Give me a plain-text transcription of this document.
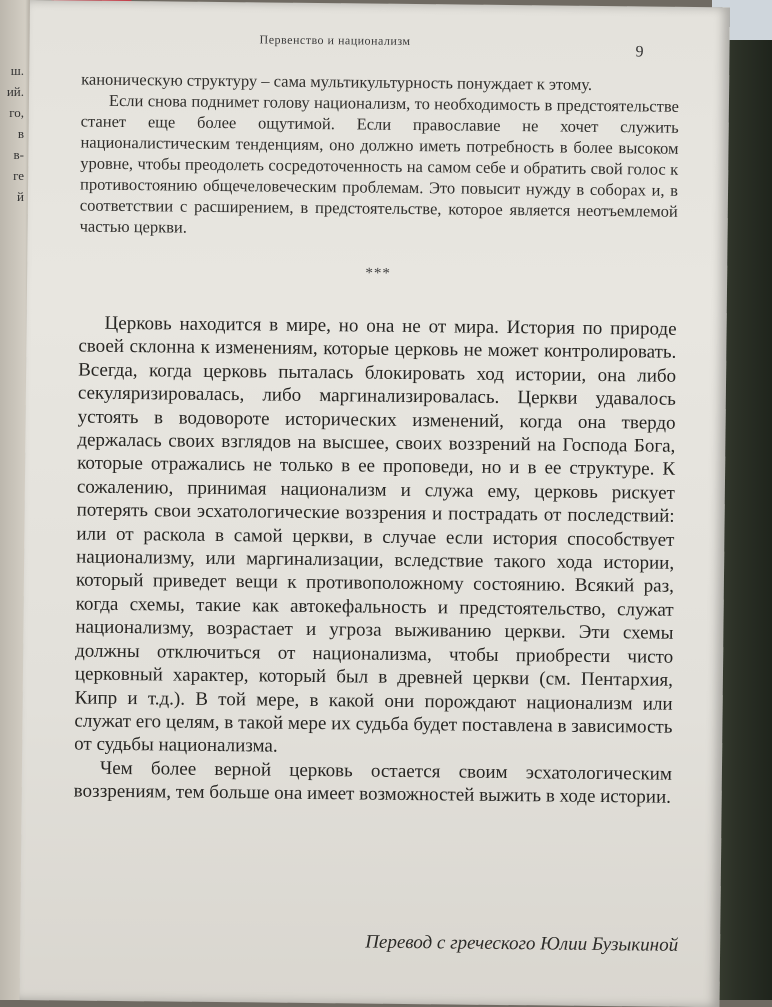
ш.
ий.
го,
в
в-
ге
й
Первенство и национализм
9

каноническую структуру – сама мультикультурность понуждает к этому.

Если снова поднимет голову национализм, то необходимость в предстоятельстве станет еще более ощутимой. Если православие не хочет служить националистическим тенденциям, оно должно иметь потребность в более высоком уровне, чтобы преодолеть сосредоточенность на самом себе и обратить свой голос к противостоянию общечеловеческим проблемам. Это повысит нужду в соборах и, в соответствии с расширением, в предстоятельстве, которое является неотъемлемой частью церкви.

***

Церковь находится в мире, но она не от мира. История по природе своей склонна к изменениям, которые церковь не может контролировать. Всегда, когда церковь пыталась блокировать ход истории, она либо секуляризировалась, либо маргинализировалась. Церкви удавалось устоять в водовороте исторических изменений, когда она твердо держалась своих взглядов на высшее, своих воззрений на Господа Бога, которые отражались не только в ее проповеди, но и в ее структуре. К сожалению, принимая национализм и служа ему, церковь рискует потерять свои эсхатологические воззрения и пострадать от последствий: или от раскола в самой церкви, в случае если история способствует национализму, или маргинализации, вследствие такого хода истории, который приведет вещи к противоположному состоянию. Всякий раз, когда схемы, такие как автокефальность и предстоятельство, служат национализму, возрастает и угроза выживанию церкви. Эти схемы должны отключиться от национализма, чтобы приобрести чисто церковный характер, который был в древней церкви (см. Пентархия, Кипр и т.д.). В той мере, в какой они порождают национализм или служат его целям, в такой мере их судьба будет поставлена в зависимость от судьбы национализма.

Чем более верной церковь остается своим эсхатологическим воззрениям, тем больше она имеет возможностей выжить в ходе истории.

Перевод с греческого Юлии Бузыкиной
